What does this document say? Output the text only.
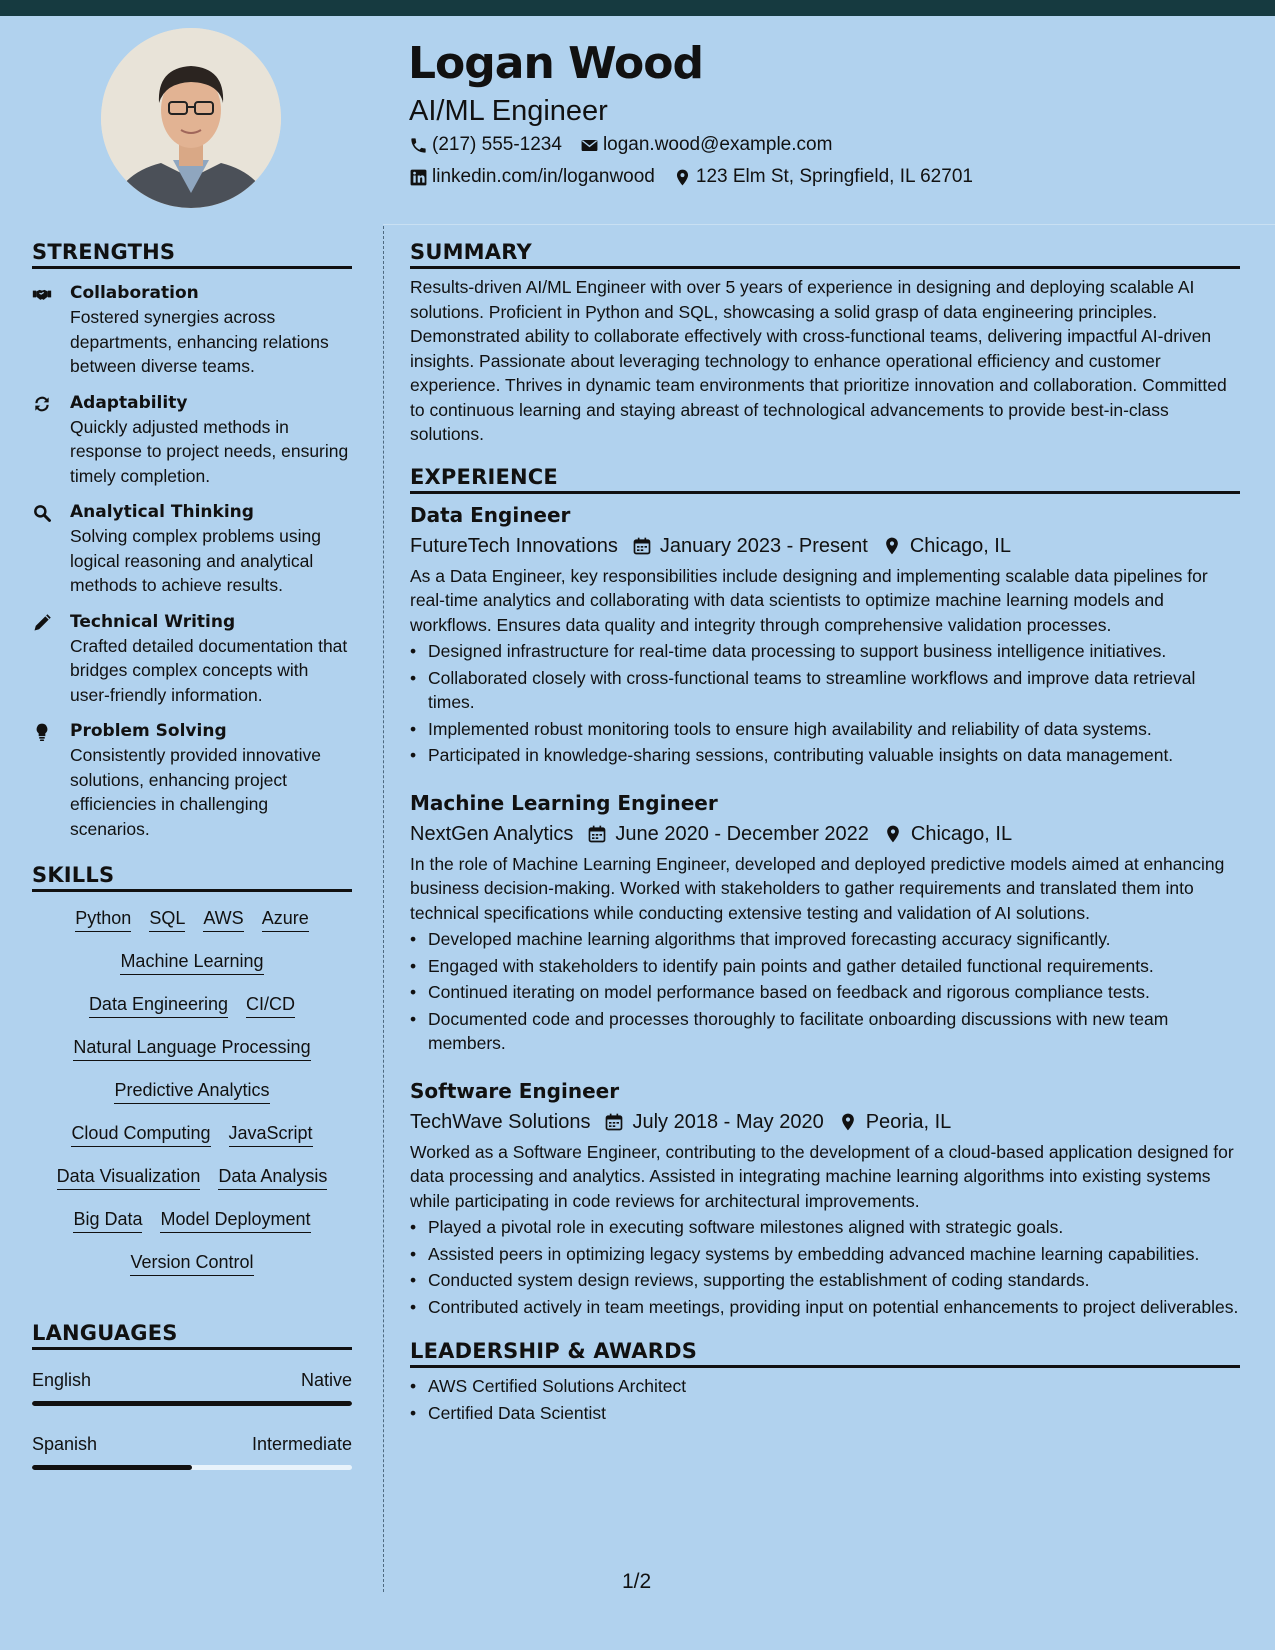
Logan Wood
AI/ML Engineer
(217) 555-1234 logan.wood@example.com
linkedin.com/in/loganwood 123 Elm St, Springfield, IL 62701
STRENGTHS
Collaboration
Fostered synergies across departments, enhancing relations between diverse teams.
Adaptability
Quickly adjusted methods in response to project needs, ensuring timely completion.
Analytical Thinking
Solving complex problems using logical reasoning and analytical methods to achieve results.
Technical Writing
Crafted detailed documentation that bridges complex concepts with user-friendly information.
Problem Solving
Consistently provided innovative solutions, enhancing project efficiencies in challenging scenarios.
SKILLS
Python SQL AWS Azure
Machine Learning
Data Engineering CI/CD
Natural Language Processing
Predictive Analytics
Cloud Computing JavaScript
Data Visualization Data Analysis
Big Data Model Deployment
Version Control
LANGUAGES
English	Native
Spanish	Intermediate
SUMMARY
Results-driven AI/ML Engineer with over 5 years of experience in designing and deploying scalable AI solutions. Proficient in Python and SQL, showcasing a solid grasp of data engineering principles. Demonstrated ability to collaborate effectively with cross-functional teams, delivering impactful AI-driven insights. Passionate about leveraging technology to enhance operational efficiency and customer experience. Thrives in dynamic team environments that prioritize innovation and collaboration. Committed to continuous learning and staying abreast of technological advancements to provide best-in-class solutions.
EXPERIENCE
Data Engineer
FutureTech Innovations January 2023 - Present Chicago, IL
As a Data Engineer, key responsibilities include designing and implementing scalable data pipelines for real-time analytics and collaborating with data scientists to optimize machine learning models and workflows. Ensures data quality and integrity through comprehensive validation processes.
• Designed infrastructure for real-time data processing to support business intelligence initiatives.
• Collaborated closely with cross-functional teams to streamline workflows and improve data retrieval times.
• Implemented robust monitoring tools to ensure high availability and reliability of data systems.
• Participated in knowledge-sharing sessions, contributing valuable insights on data management.
Machine Learning Engineer
NextGen Analytics June 2020 - December 2022 Chicago, IL
In the role of Machine Learning Engineer, developed and deployed predictive models aimed at enhancing business decision-making. Worked with stakeholders to gather requirements and translated them into technical specifications while conducting extensive testing and validation of AI solutions.
• Developed machine learning algorithms that improved forecasting accuracy significantly.
• Engaged with stakeholders to identify pain points and gather detailed functional requirements.
• Continued iterating on model performance based on feedback and rigorous compliance tests.
• Documented code and processes thoroughly to facilitate onboarding discussions with new team members.
Software Engineer
TechWave Solutions July 2018 - May 2020 Peoria, IL
Worked as a Software Engineer, contributing to the development of a cloud-based application designed for data processing and analytics. Assisted in integrating machine learning algorithms into existing systems while participating in code reviews for architectural improvements.
• Played a pivotal role in executing software milestones aligned with strategic goals.
• Assisted peers in optimizing legacy systems by embedding advanced machine learning capabilities.
• Conducted system design reviews, supporting the establishment of coding standards.
• Contributed actively in team meetings, providing input on potential enhancements to project deliverables.
LEADERSHIP & AWARDS
• AWS Certified Solutions Architect
• Certified Data Scientist
1/2
